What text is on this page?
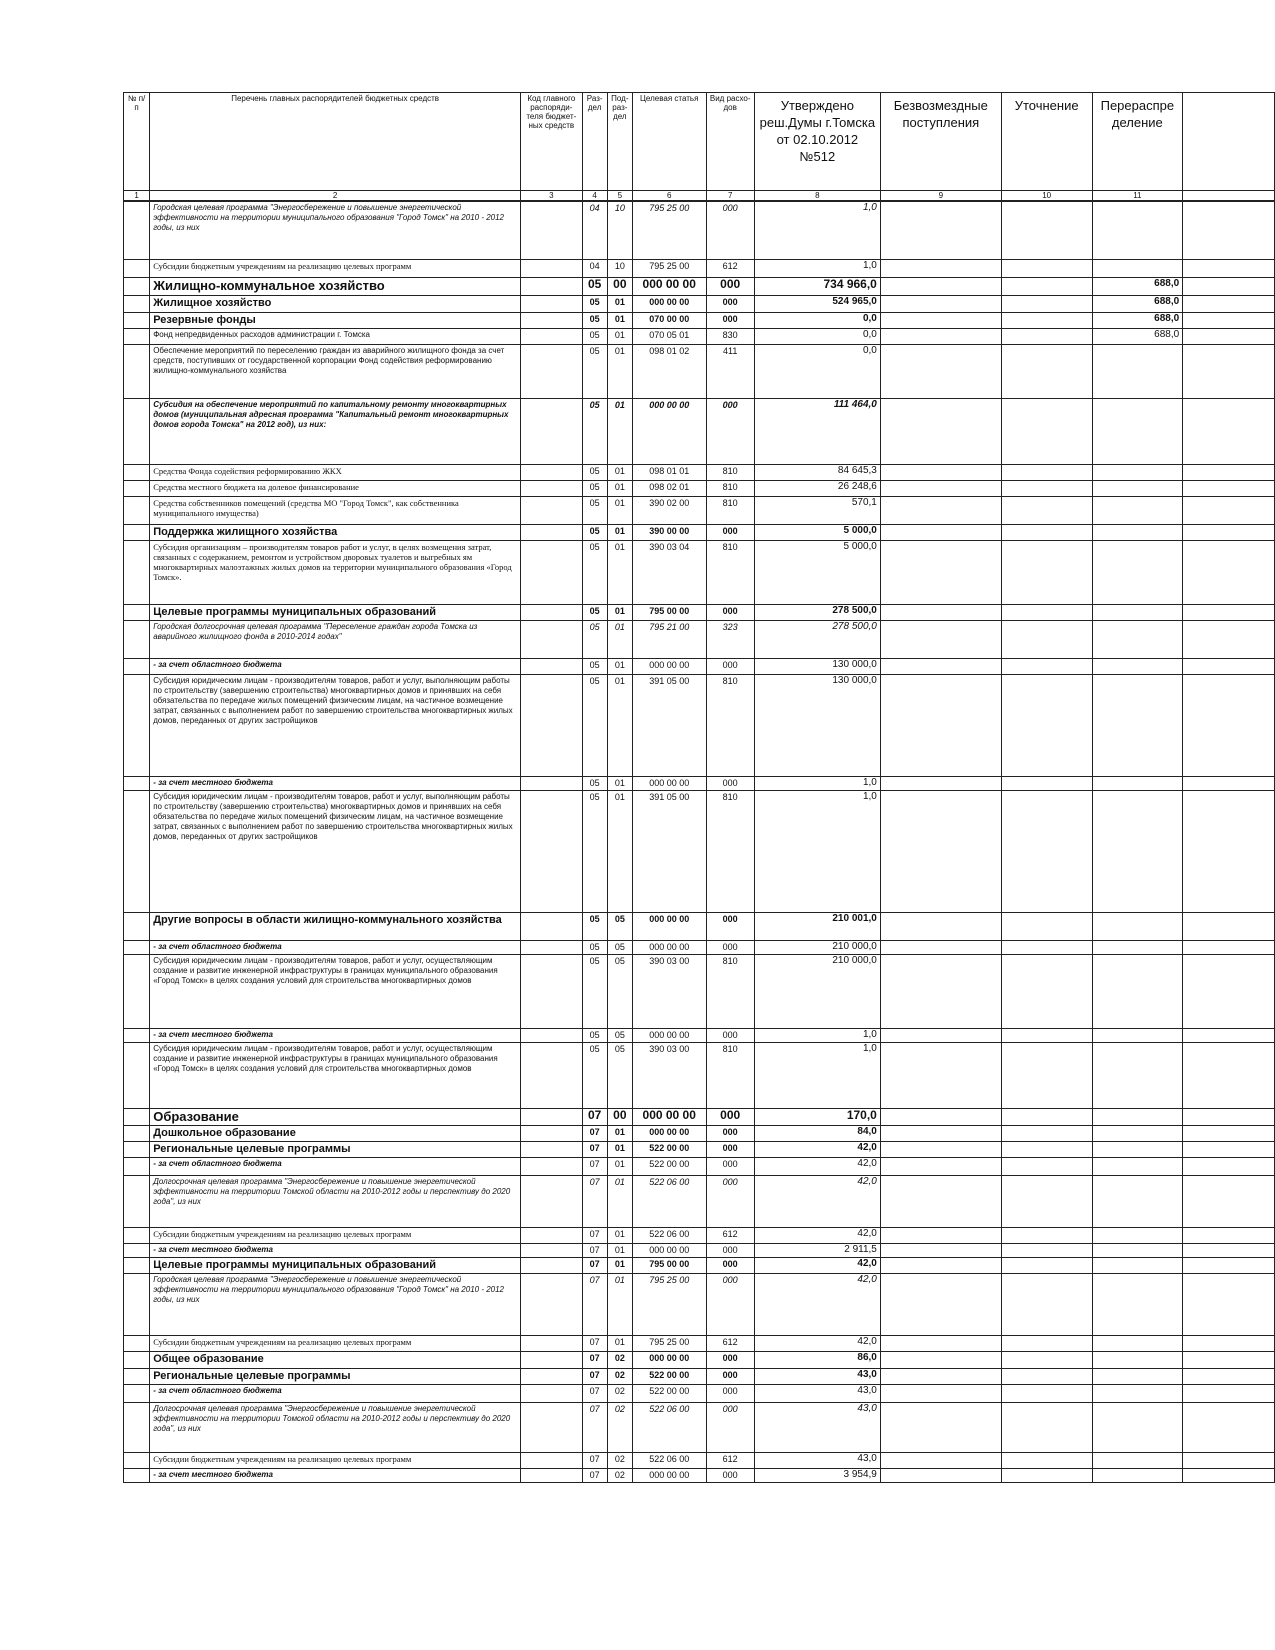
№ п/п	Перечень главных распорядителей бюджетных средств	Код главного распоряди-теля бюджет-ных средств	Раз-дел	Под-раз-дел	Целевая статья	Вид расхо-дов	Утверждено реш.Думы г.Томска от 02.10.2012 №512	Безвозмездные поступления	Уточнение	Перераспре деление	
1	2	3	4	5	6	7	8	9	10	11	
	Городская целевая программа "Энергосбережение и повышение энергетической эффективности на территории муниципального образования "Город Томск" на 2010 - 2012 годы, из них		04	10	795 25 00	000	1,0				
	Субсидии бюджетным учреждениям на реализацию целевых программ		04	10	795 25 00	612	1,0				
	Жилищно-коммунальное хозяйство		05	00	000 00 00	000	734 966,0			688,0	
	Жилищное хозяйство		05	01	000 00 00	000	524 965,0			688,0	
	Резервные фонды		05	01	070 00 00	000	0,0			688,0	
	Фонд непредвиденных расходов администрации г. Томска		05	01	070 05 01	830	0,0			688,0	
	Обеспечение мероприятий по переселению граждан из аварийного жилищного фонда за счет средств, поступивших от государственной корпорации Фонд содействия реформированию жилищно-коммунального хозяйства		05	01	098 01 02	411	0,0				
	Субсидия на обеспечение мероприятий по капитальному ремонту многоквартирных домов (муниципальная адресная программа "Капитальный ремонт многоквартирных домов города Томска" на 2012 год), из них:		05	01	000 00 00	000	111 464,0				
	Средства Фонда содействия реформированию ЖКХ		05	01	098 01 01	810	84 645,3				
	Средства местного бюджета на долевое финансирование		05	01	098 02 01	810	26 248,6				
	Средства собственников помещений (средства МО "Город Томск", как собственника муниципального имущества)		05	01	390 02 00	810	570,1				
	Поддержка жилищного хозяйства		05	01	390 00 00	000	5 000,0				
	Субсидия организациям – производителям товаров работ и услуг, в целях возмещения затрат, связанных с содержанием, ремонтом и устройством дворовых туалетов и выгребных ям многоквартирных малоэтажных жилых домов на территории муниципального образования «Город Томск».		05	01	390 03 04	810	5 000,0				
	Целевые программы муниципальных образований		05	01	795 00 00	000	278 500,0				
	Городская долгосрочная целевая программа "Переселение граждан города Томска из аварийного жилищного фонда в 2010-2014 годах"		05	01	795 21 00	323	278 500,0				
	- за счет областного бюджета		05	01	000 00 00	000	130 000,0				
	Субсидия юридическим лицам - производителям товаров, работ и услуг, выполняющим работы по строительству (завершению строительства) многоквартирных домов и принявших на себя обязательства по передаче жилых помещений физическим лицам, на частичное возмещение затрат, связанных с выполнением работ по завершению строительства многоквартирных жилых домов, переданных от других застройщиков		05	01	391 05 00	810	130 000,0				
	- за счет местного бюджета		05	01	000 00 00	000	1,0				
	Субсидия юридическим лицам - производителям товаров, работ и услуг, выполняющим работы по строительству (завершению строительства) многоквартирных домов и принявших на себя обязательства по передаче жилых помещений физическим лицам, на частичное возмещение затрат, связанных с выполнением работ по завершению строительства многоквартирных жилых домов, переданных от других застройщиков		05	01	391 05 00	810	1,0				
	Другие вопросы в области жилищно-коммунального хозяйства		05	05	000 00 00	000	210 001,0				
	- за счет областного бюджета		05	05	000 00 00	000	210 000,0				
	Субсидия юридическим лицам - производителям товаров, работ и услуг, осуществляющим создание и развитие инженерной инфраструктуры в границах муниципального образования «Город Томск» в целях создания условий для строительства многоквартирных домов		05	05	390 03 00	810	210 000,0				
	- за счет местного бюджета		05	05	000 00 00	000	1,0				
	Субсидия юридическим лицам - производителям товаров, работ и услуг, осуществляющим создание и развитие инженерной инфраструктуры в границах муниципального образования «Город Томск» в целях создания условий для строительства многоквартирных домов		05	05	390 03 00	810	1,0				
	Образование		07	00	000 00 00	000	170,0				
	Дошкольное образование		07	01	000 00 00	000	84,0				
	Региональные целевые программы		07	01	522 00 00	000	42,0				
	- за счет областного бюджета		07	01	522 00 00	000	42,0				
	Долгосрочная целевая программа "Энергосбережение и повышение энергетической эффективности на территории Томской области на 2010-2012 годы и перспективу до 2020 года", из них		07	01	522 06 00	000	42,0				
	Субсидии бюджетным учреждениям на реализацию целевых программ		07	01	522 06 00	612	42,0				
	- за счет местного бюджета		07	01	000 00 00	000	2 911,5				
	Целевые программы муниципальных образований		07	01	795 00 00	000	42,0				
	Городская целевая программа "Энергосбережение и повышение энергетической эффективности на территории муниципального образования "Город Томск" на 2010 - 2012 годы, из них		07	01	795 25 00	000	42,0				
	Субсидии бюджетным учреждениям на реализацию целевых программ		07	01	795 25 00	612	42,0				
	Общее образование		07	02	000 00 00	000	86,0				
	Региональные целевые программы		07	02	522 00 00	000	43,0				
	- за счет областного бюджета		07	02	522 00 00	000	43,0				
	Долгосрочная целевая программа "Энергосбережение и повышение энергетической эффективности на территории Томской области на 2010-2012 годы и перспективу до 2020 года", из них		07	02	522 06 00	000	43,0				
	Субсидии бюджетным учреждениям на реализацию целевых программ		07	02	522 06 00	612	43,0				
	- за счет местного бюджета		07	02	000 00 00	000	3 954,9				
